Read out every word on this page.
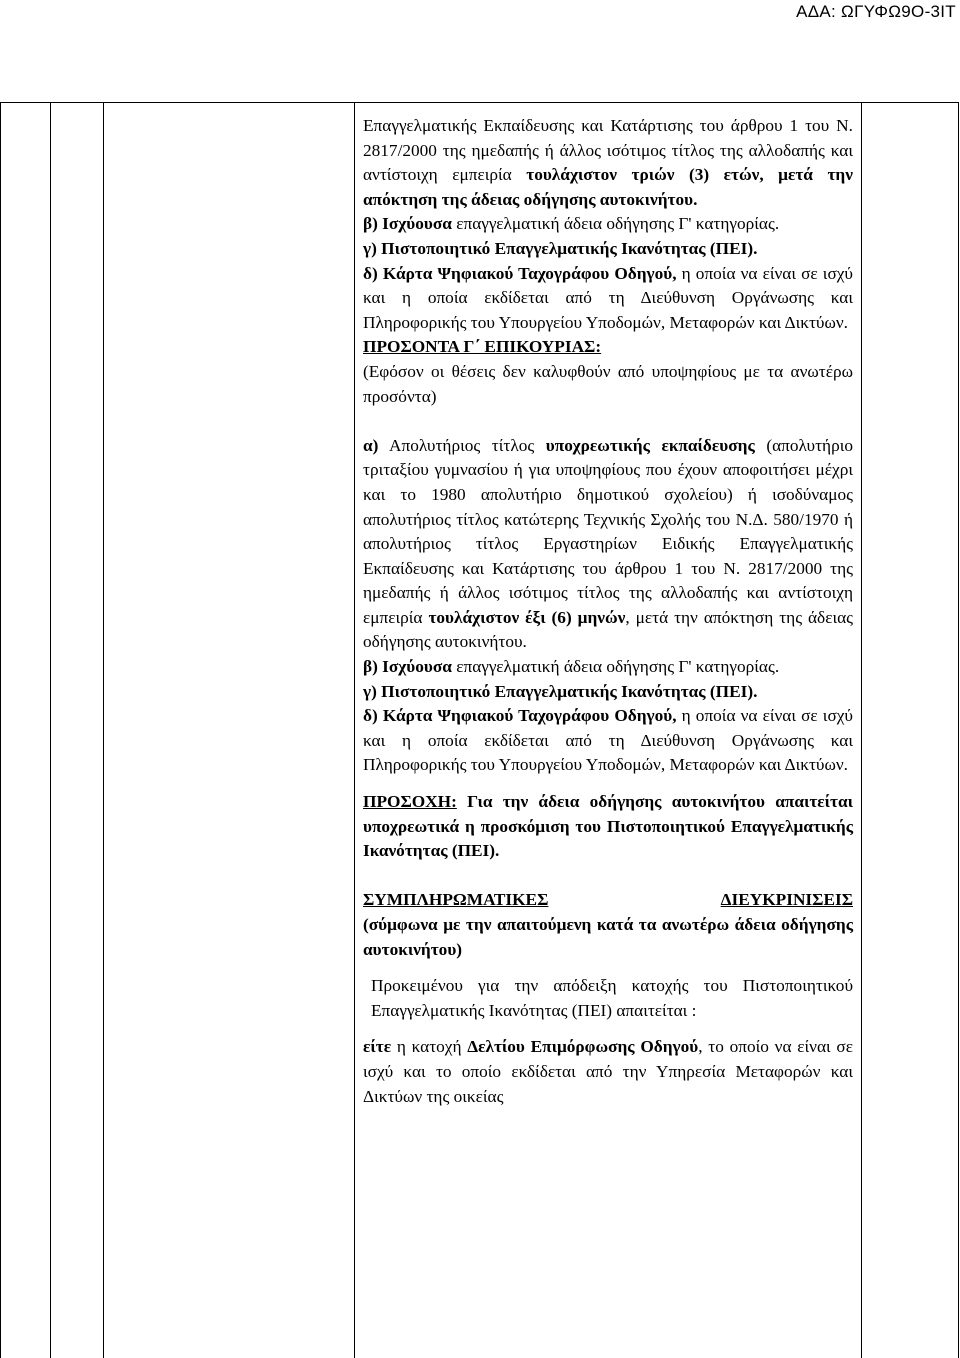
ΑΔΑ: ΩΓΥΦΩ9Ο-3ΙΤ

Επαγγελματικής Εκπαίδευσης και Κατάρτισης του άρθρου 1 του Ν. 2817/2000 της ημεδαπής ή άλλος ισότιμος τίτλος της αλλοδαπής και αντίστοιχη εμπειρία τουλάχιστον τριών (3) ετών, μετά την απόκτηση της άδειας οδήγησης αυτοκινήτου.

β) Ισχύουσα επαγγελματική άδεια οδήγησης Γ' κατηγορίας.

γ) Πιστοποιητικό Επαγγελματικής Ικανότητας (ΠΕΙ).

δ) Κάρτα Ψηφιακού Ταχογράφου Οδηγού, η οποία να είναι σε ισχύ και η οποία εκδίδεται από τη Διεύθυνση Οργάνωσης και Πληροφορικής του Υπουργείου Υποδομών, Μεταφορών και Δικτύων.

ΠΡΟΣΟΝΤΑ Γ΄ ΕΠΙΚΟΥΡΙΑΣ:

(Εφόσον οι θέσεις δεν καλυφθούν από υποψηφίους με τα ανωτέρω προσόντα)

α) Απολυτήριος τίτλος υποχρεωτικής εκπαίδευσης (απολυτήριο τριταξίου γυμνασίου ή για υποψηφίους που έχουν αποφοιτήσει μέχρι και το 1980 απολυτήριο δημοτικού σχολείου) ή ισοδύναμος απολυτήριος τίτλος κατώτερης Τεχνικής Σχολής του Ν.Δ. 580/1970 ή απολυτήριος τίτλος Εργαστηρίων Ειδικής Επαγγελματικής Εκπαίδευσης και Κατάρτισης του άρθρου 1 του Ν. 2817/2000 της ημεδαπής ή άλλος ισότιμος τίτλος της αλλοδαπής και αντίστοιχη εμπειρία τουλάχιστον έξι (6) μηνών, μετά την απόκτηση της άδειας οδήγησης αυτοκινήτου.

β) Ισχύουσα επαγγελματική άδεια οδήγησης Γ' κατηγορίας.

γ) Πιστοποιητικό Επαγγελματικής Ικανότητας (ΠΕΙ).

δ) Κάρτα Ψηφιακού Ταχογράφου Οδηγού, η οποία να είναι σε ισχύ και η οποία εκδίδεται από τη Διεύθυνση Οργάνωσης και Πληροφορικής του Υπουργείου Υποδομών, Μεταφορών και Δικτύων.

ΠΡΟΣΟΧΗ: Για την άδεια οδήγησης αυτοκινήτου απαιτείται υποχρεωτικά η προσκόμιση του Πιστοποιητικού Επαγγελματικής Ικανότητας (ΠΕΙ).

ΣΥΜΠΛΗΡΩΜΑΤΙΚΕΣ	ΔΙΕΥΚΡΙΝΙΣΕΙΣ

(σύμφωνα με την απαιτούμενη κατά τα ανωτέρω άδεια οδήγησης αυτοκινήτου)

Προκειμένου για την απόδειξη κατοχής του Πιστοποιητικού Επαγγελματικής Ικανότητας (ΠΕΙ) απαιτείται :

είτε η κατοχή Δελτίου Επιμόρφωσης Οδηγού, το οποίο να είναι σε ισχύ και το οποίο εκδίδεται από την Υπηρεσία Μεταφορών και Δικτύων της οικείας
